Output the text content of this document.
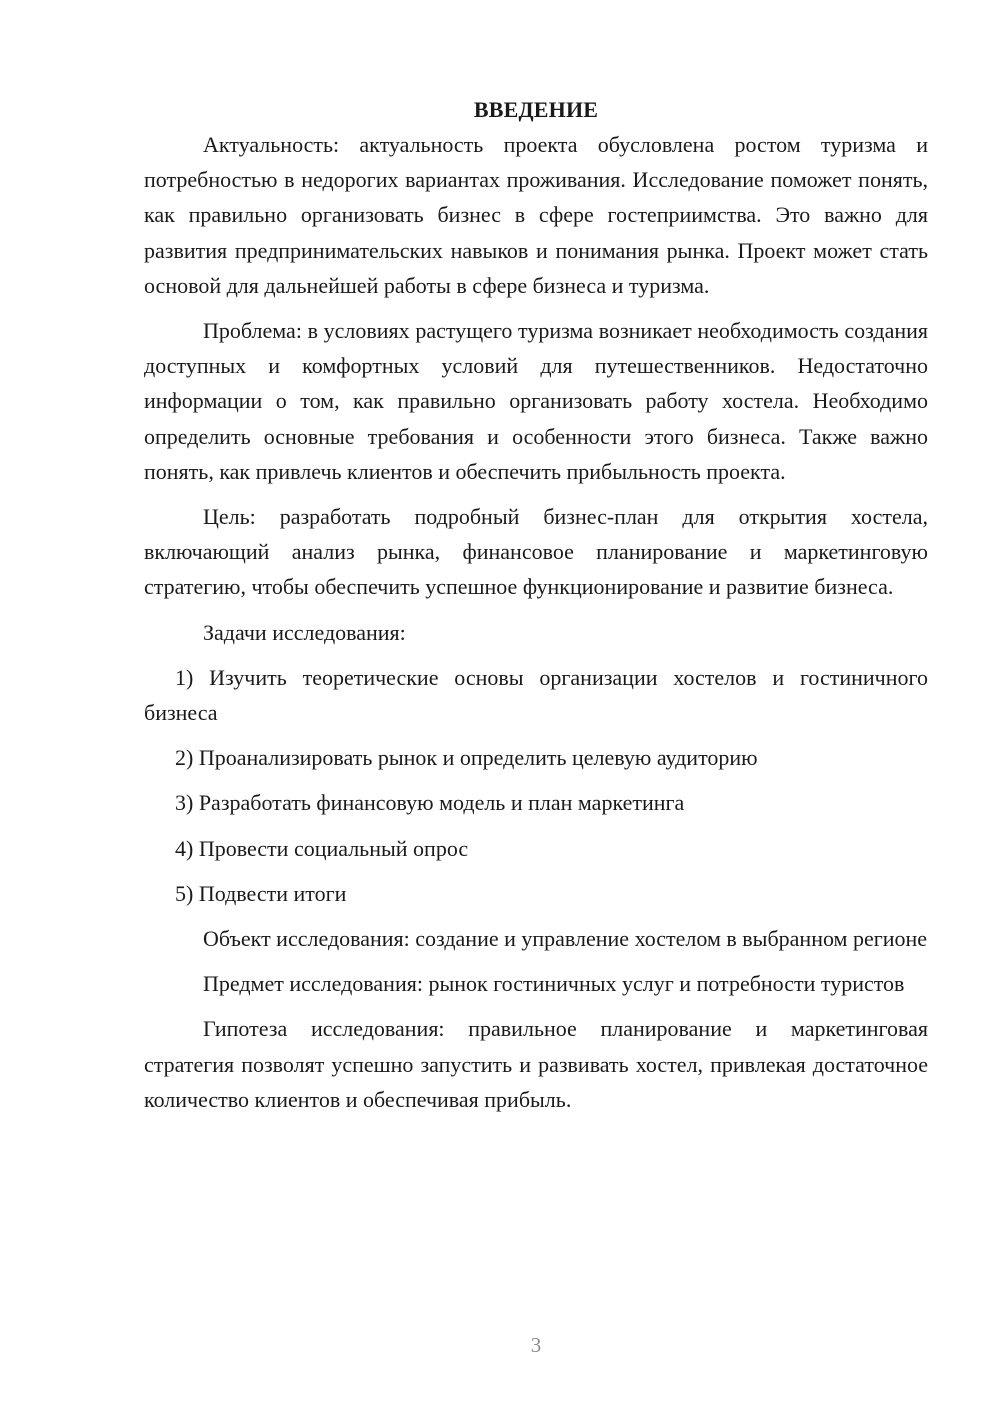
ВВЕДЕНИЕ

Актуальность: актуальность проекта обусловлена ростом туризма и потребностью в недорогих вариантах проживания. Исследование поможет понять, как правильно организовать бизнес в сфере гостеприимства. Это важно для развития предпринимательских навыков и понимания рынка. Проект может стать основой для дальнейшей работы в сфере бизнеса и туризма.

Проблема: в условиях растущего туризма возникает необходимость создания доступных и комфортных условий для путешественников. Недостаточно информации о том, как правильно организовать работу хостела. Необходимо определить основные требования и особенности этого бизнеса. Также важно понять, как привлечь клиентов и обеспечить прибыльность проекта.

Цель: разработать подробный бизнес-план для открытия хостела, включающий анализ рынка, финансовое планирование и маркетинговую стратегию, чтобы обеспечить успешное функционирование и развитие бизнеса.

Задачи исследования:

1) Изучить теоретические основы организации хостелов и гостиничного бизнеса

2) Проанализировать рынок и определить целевую аудиторию

3) Разработать финансовую модель и план маркетинга

4) Провести социальный опрос

5) Подвести итоги

Объект исследования: создание и управление хостелом в выбранном регионе

Предмет исследования: рынок гостиничных услуг и потребности туристов

Гипотеза исследования: правильное планирование и маркетинговая стратегия позволят успешно запустить и развивать хостел, привлекая достаточное количество клиентов и обеспечивая прибыль.

3
